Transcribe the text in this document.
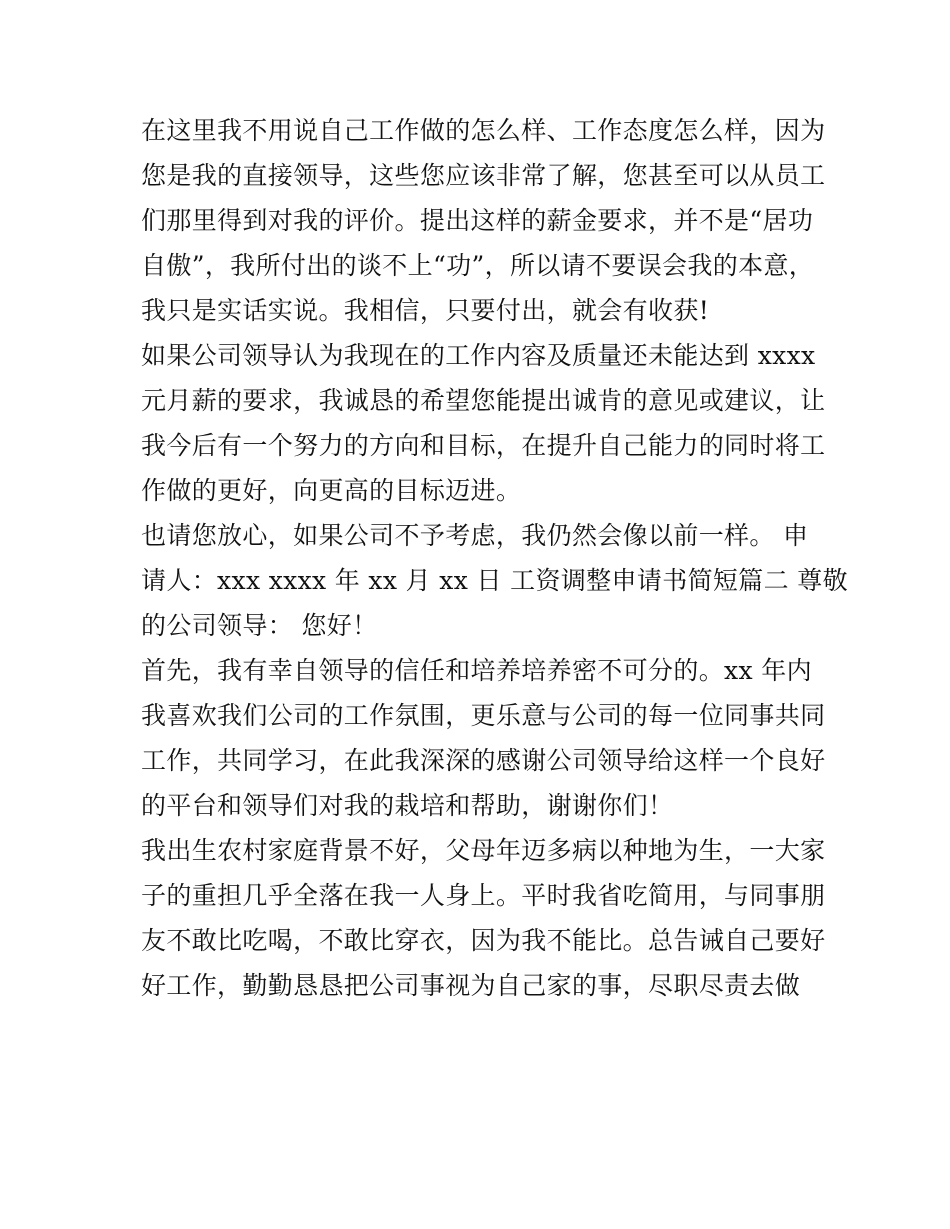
在这里我不用说自己工作做的怎么样、工作态度怎么样，因为
您是我的直接领导，这些您应该非常了解，您甚至可以从员工
们那里得到对我的评价。提出这样的薪金要求，并不是“居功
自傲”，我所付出的谈不上“功”，所以请不要误会我的本意，
我只是实话实说。我相信，只要付出，就会有收获!
如果公司领导认为我现在的工作内容及质量还未能达到 xxxx
元月薪的要求，我诚恳的希望您能提出诚肯的意见或建议，让
我今后有一个努力的方向和目标，在提升自己能力的同时将工
作做的更好，向更高的目标迈进。
也请您放心，如果公司不予考虑，我仍然会像以前一样。 申
请人：xxx xxxx 年 xx 月 xx 日 工资调整申请书简短篇二 尊敬
的公司领导： 您好！
首先，我有幸自领导的信任和培养培养密不可分的。xx 年内
我喜欢我们公司的工作氛围，更乐意与公司的每一位同事共同
工作，共同学习，在此我深深的感谢公司领导给这样一个良好
的平台和领导们对我的栽培和帮助，谢谢你们！
我出生农村家庭背景不好，父母年迈多病以种地为生，一大家
子的重担几乎全落在我一人身上。平时我省吃简用，与同事朋
友不敢比吃喝，不敢比穿衣，因为我不能比。总告诫自己要好
好工作，勤勤恳恳把公司事视为自己家的事，尽职尽责去做
